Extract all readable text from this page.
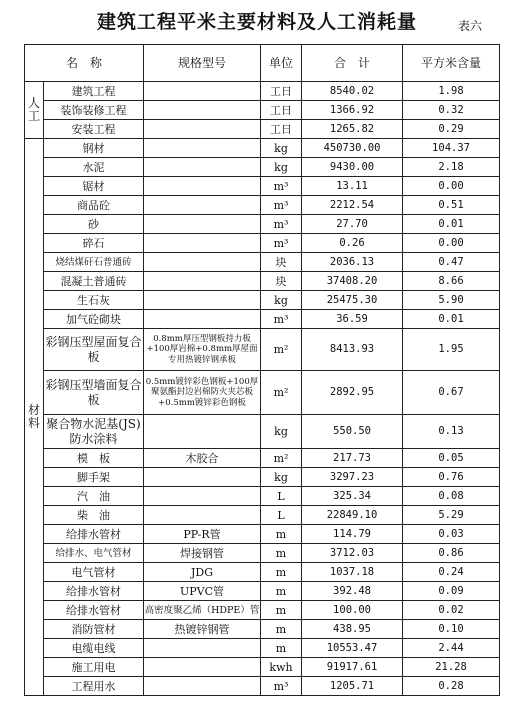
建筑工程平米主要材料及人工消耗量	表六
名　称		规格型号	单位	合　计	平方米含量
人工	建筑工程		工日	8540.02	1.98
	装饰装修工程		工日	1366.92	0.32
	安装工程		工日	1265.82	0.29
材料	钢材		kg	450730.00	104.37
	水泥		kg	9430.00	2.18
	锯材		m³	13.11	0.00
	商品砼		m³	2212.54	0.51
	砂		m³	27.70	0.01
	碎石		m³	0.26	0.00
	烧结煤矸石普通砖		块	2036.13	0.47
	混凝土普通砖		块	37408.20	8.66
	生石灰		kg	25475.30	5.90
	加气砼砌块		m³	36.59	0.01
	彩钢压型屋面复合板	0.8mm厚压型钢板持力板+100厚岩棉+0.8mm厚屋面专用热镀锌钢承板	m²	8413.93	1.95
	彩钢压型墙面复合板	0.5mm镀锌彩色钢板+100厚聚氨酯封边岩棉防火夹芯板+0.5mm镀锌彩色钢板	m²	2892.95	0.67
	聚合物水泥基(JS)防水涂料		kg	550.50	0.13
	模　板	木胶合	m²	217.73	0.05
	脚手架		kg	3297.23	0.76
	汽　油		L	325.34	0.08
	柴　油		L	22849.10	5.29
	给排水管材	PP-R管	m	114.79	0.03
	给排水、电气管材	焊接钢管	m	3712.03	0.86
	电气管材	JDG	m	1037.18	0.24
	给排水管材	UPVC管	m	392.48	0.09
	给排水管材	高密度聚乙烯（HDPE）管	m	100.00	0.02
	消防管材	热镀锌钢管	m	438.95	0.10
	电缆电线		m	10553.47	2.44
	施工用电		kwh	91917.61	21.28
	工程用水		m³	1205.71	0.28
